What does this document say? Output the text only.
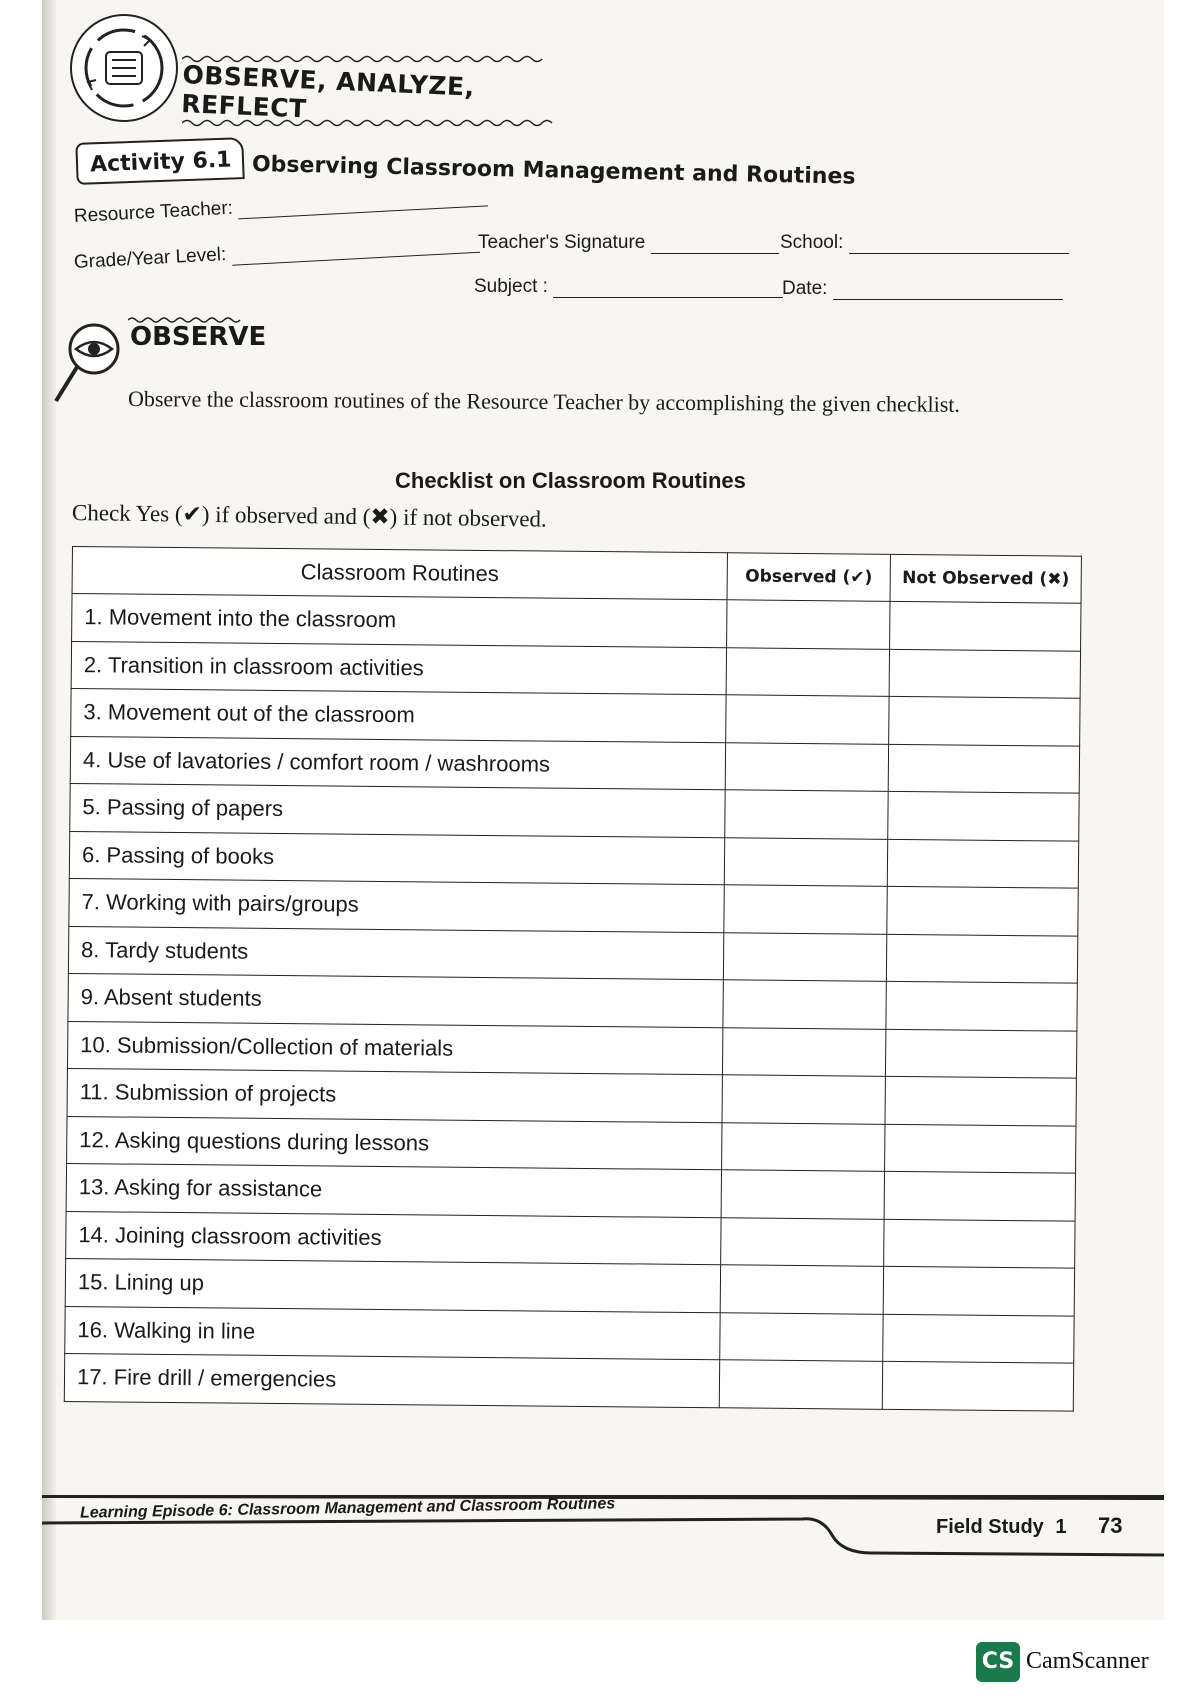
OBSERVE, ANALYZE, REFLECT
Activity 6.1 Observing Classroom Management and Routines
Resource Teacher:
Teacher's Signature	School:
Grade/Year Level:
Subject :	Date:
OBSERVE
Observe the classroom routines of the Resource Teacher by accomplishing the given checklist.
Checklist on Classroom Routines
Check Yes (✔) if observed and (✖) if not observed.
Classroom Routines	Observed (✔)	Not Observed (✖)
1. Movement into the classroom		
2. Transition in classroom activities		
3. Movement out of the classroom		
4. Use of lavatories / comfort room / washrooms		
5. Passing of papers		
6. Passing of books		
7. Working with pairs/groups		
8. Tardy students		
9. Absent students		
10. Submission/Collection of materials		
11. Submission of projects		
12. Asking questions during lessons		
13. Asking for assistance		
14. Joining classroom activities		
15. Lining up		
16. Walking in line		
17. Fire drill / emergencies		
Learning Episode 6: Classroom Management and Classroom Routines
Field Study 1 73
CS CamScanner
